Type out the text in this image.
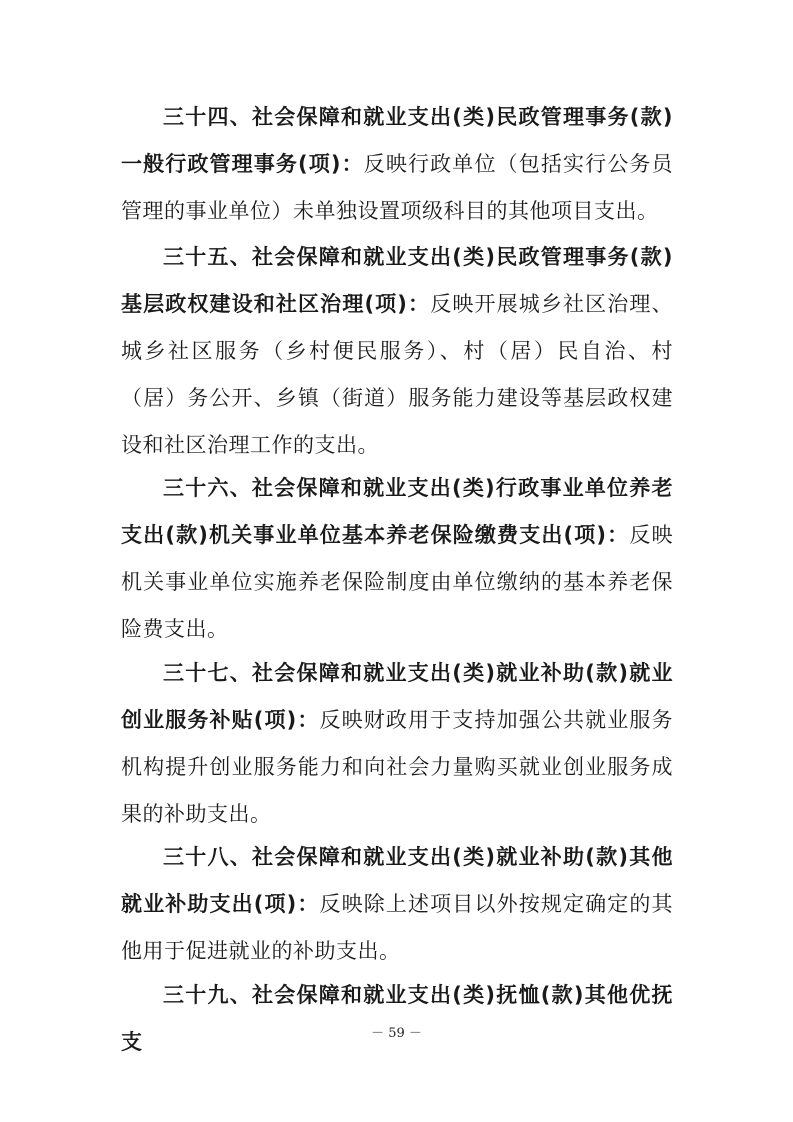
三十四、社会保障和就业支出(类)民政管理事务(款)一般行政管理事务(项)：反映行政单位（包括实行公务员管理的事业单位）未单独设置项级科目的其他项目支出。
三十五、社会保障和就业支出(类)民政管理事务(款)基层政权建设和社区治理(项)：反映开展城乡社区治理、城乡社区服务（乡村便民服务）、村（居）民自治、村（居）务公开、乡镇（街道）服务能力建设等基层政权建设和社区治理工作的支出。
三十六、社会保障和就业支出(类)行政事业单位养老支出(款)机关事业单位基本养老保险缴费支出(项)：反映机关事业单位实施养老保险制度由单位缴纳的基本养老保险费支出。
三十七、社会保障和就业支出(类)就业补助(款)就业创业服务补贴(项)：反映财政用于支持加强公共就业服务机构提升创业服务能力和向社会力量购买就业创业服务成果的补助支出。
三十八、社会保障和就业支出(类)就业补助(款)其他就业补助支出(项)：反映除上述项目以外按规定确定的其他用于促进就业的补助支出。
三十九、社会保障和就业支出(类)抚恤(款)其他优抚支	－ 59 －
